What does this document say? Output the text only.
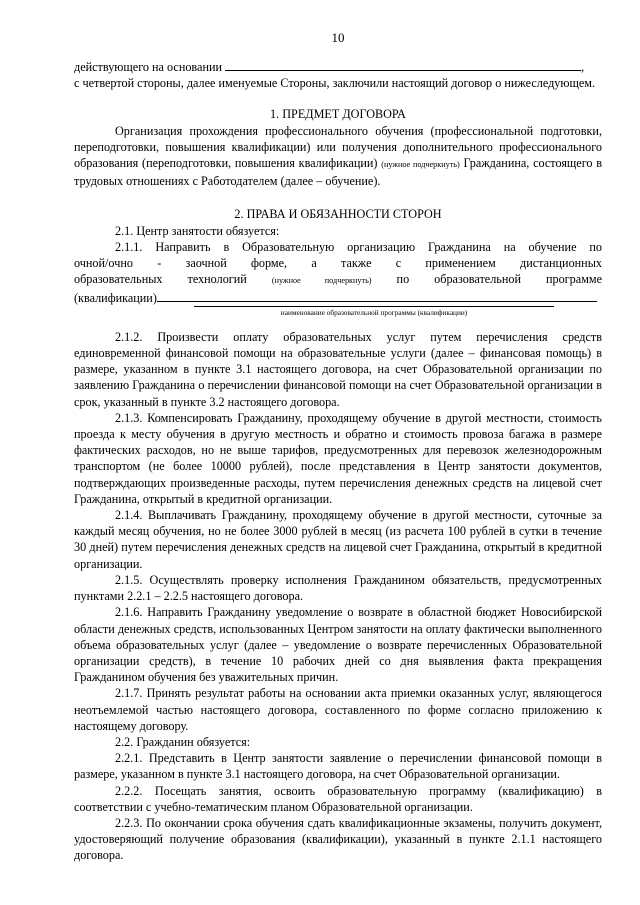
10

действующего на основании	,

с четвертой стороны, далее именуемые Стороны, заключили настоящий договор о нижеследующем.

1. ПРЕДМЕТ ДОГОВОРА

Организация прохождения профессионального обучения (профессиональной подготовки, переподготовки, повышения квалификации) или получения дополнительного профессионального образования (переподготовки, повышения квалификации) (нужное подчеркнуть) Гражданина, состоящего в трудовых отношениях с Работодателем (далее – обучение).

2. ПРАВА И ОБЯЗАННОСТИ СТОРОН

2.1. Центр занятости обязуется:

2.1.1. Направить в Образовательную организацию Гражданина на обучение по

очной/очно - заочной форме, а также с применением дистанционных

образовательных технологий	(нужное подчеркнуть) по образовательной программе

(квалификации)

наименование образовательной программы (квалификации)

2.1.2. Произвести оплату образовательных услуг путем перечисления средств единовременной финансовой помощи на образовательные услуги (далее – финансовая помощь) в размере, указанном в пункте 3.1 настоящего договора, на счет Образовательной организации по заявлению Гражданина о перечислении финансовой помощи на счет Образовательной организации в срок, указанный в пункте 3.2 настоящего договора.

2.1.3. Компенсировать Гражданину, проходящему обучение в другой местности, стоимость проезда к месту обучения в другую местность и обратно и стоимость провоза багажа в размере фактических расходов, но не выше тарифов, предусмотренных для перевозок железнодорожным транспортом (не более 10000 рублей), после представления в Центр занятости документов, подтверждающих произведенные расходы, путем перечисления денежных средств на лицевой счет Гражданина, открытый в кредитной организации.

2.1.4. Выплачивать Гражданину, проходящему обучение в другой местности, суточные за каждый месяц обучения, но не более 3000 рублей в месяц (из расчета 100 рублей в сутки в течение 30 дней) путем перечисления денежных средств на лицевой счет Гражданина, открытый в кредитной организации.

2.1.5. Осуществлять проверку исполнения Гражданином обязательств, предусмотренных пунктами 2.2.1 – 2.2.5 настоящего договора.

2.1.6. Направить Гражданину уведомление о возврате в областной бюджет Новосибирской области денежных средств, использованных Центром занятости на оплату фактически выполненного объема образовательных услуг (далее – уведомление о возврате перечисленных Образовательной организации средств), в течение 10 рабочих дней со дня выявления факта прекращения Гражданином обучения без уважительных причин.

2.1.7. Принять результат работы на основании акта приемки оказанных услуг, являющегося неотъемлемой частью настоящего договора, составленного по форме согласно приложению к настоящему договору.

2.2. Гражданин обязуется:

2.2.1. Представить в Центр занятости заявление о перечислении финансовой помощи в размере, указанном в пункте 3.1 настоящего договора, на счет Образовательной организации.

2.2.2. Посещать занятия, освоить образовательную программу (квалификацию) в соответствии с учебно-тематическим планом Образовательной организации.

2.2.3. По окончании срока обучения сдать квалификационные экзамены, получить документ, удостоверяющий получение образования (квалификации), указанный в пункте 2.1.1 настоящего договора.
